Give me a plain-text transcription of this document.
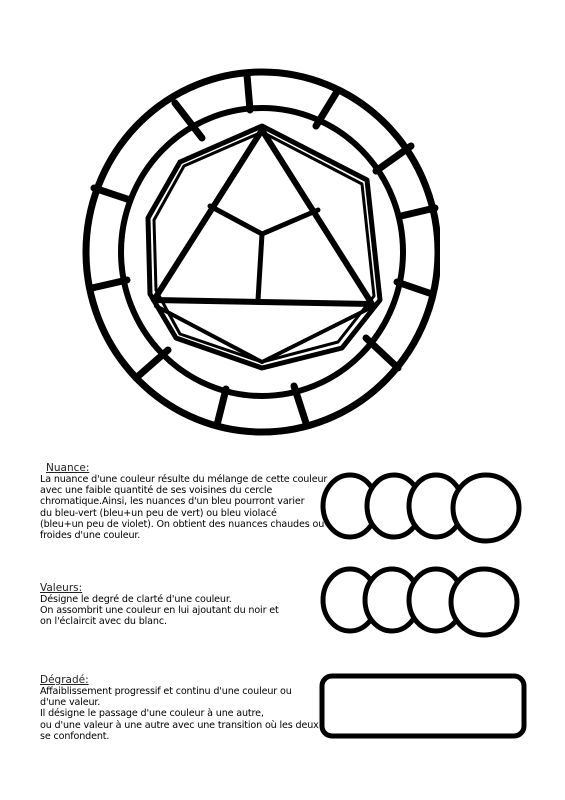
Nuance:
La nuance d'une couleur résulte du mélange de cette couleur
avec une faible quantité de ses voisines du cercle
chromatique.Ainsi, les nuances d'un bleu pourront varier
du bleu-vert (bleu+un peu de vert) ou bleu violacé
(bleu+un peu de violet). On obtient des nuances chaudes ou
froides d'une couleur.
Valeurs:
Désigne le degré de clarté d'une couleur.
On assombrit une couleur en lui ajoutant du noir et
on l'éclaircit avec du blanc.
Dégradé:
Affaiblissement progressif et continu d'une couleur ou
d'une valeur.
Il désigne le passage d'une couleur à une autre,
ou d'une valeur à une autre avec une transition où les deux
se confondent.
